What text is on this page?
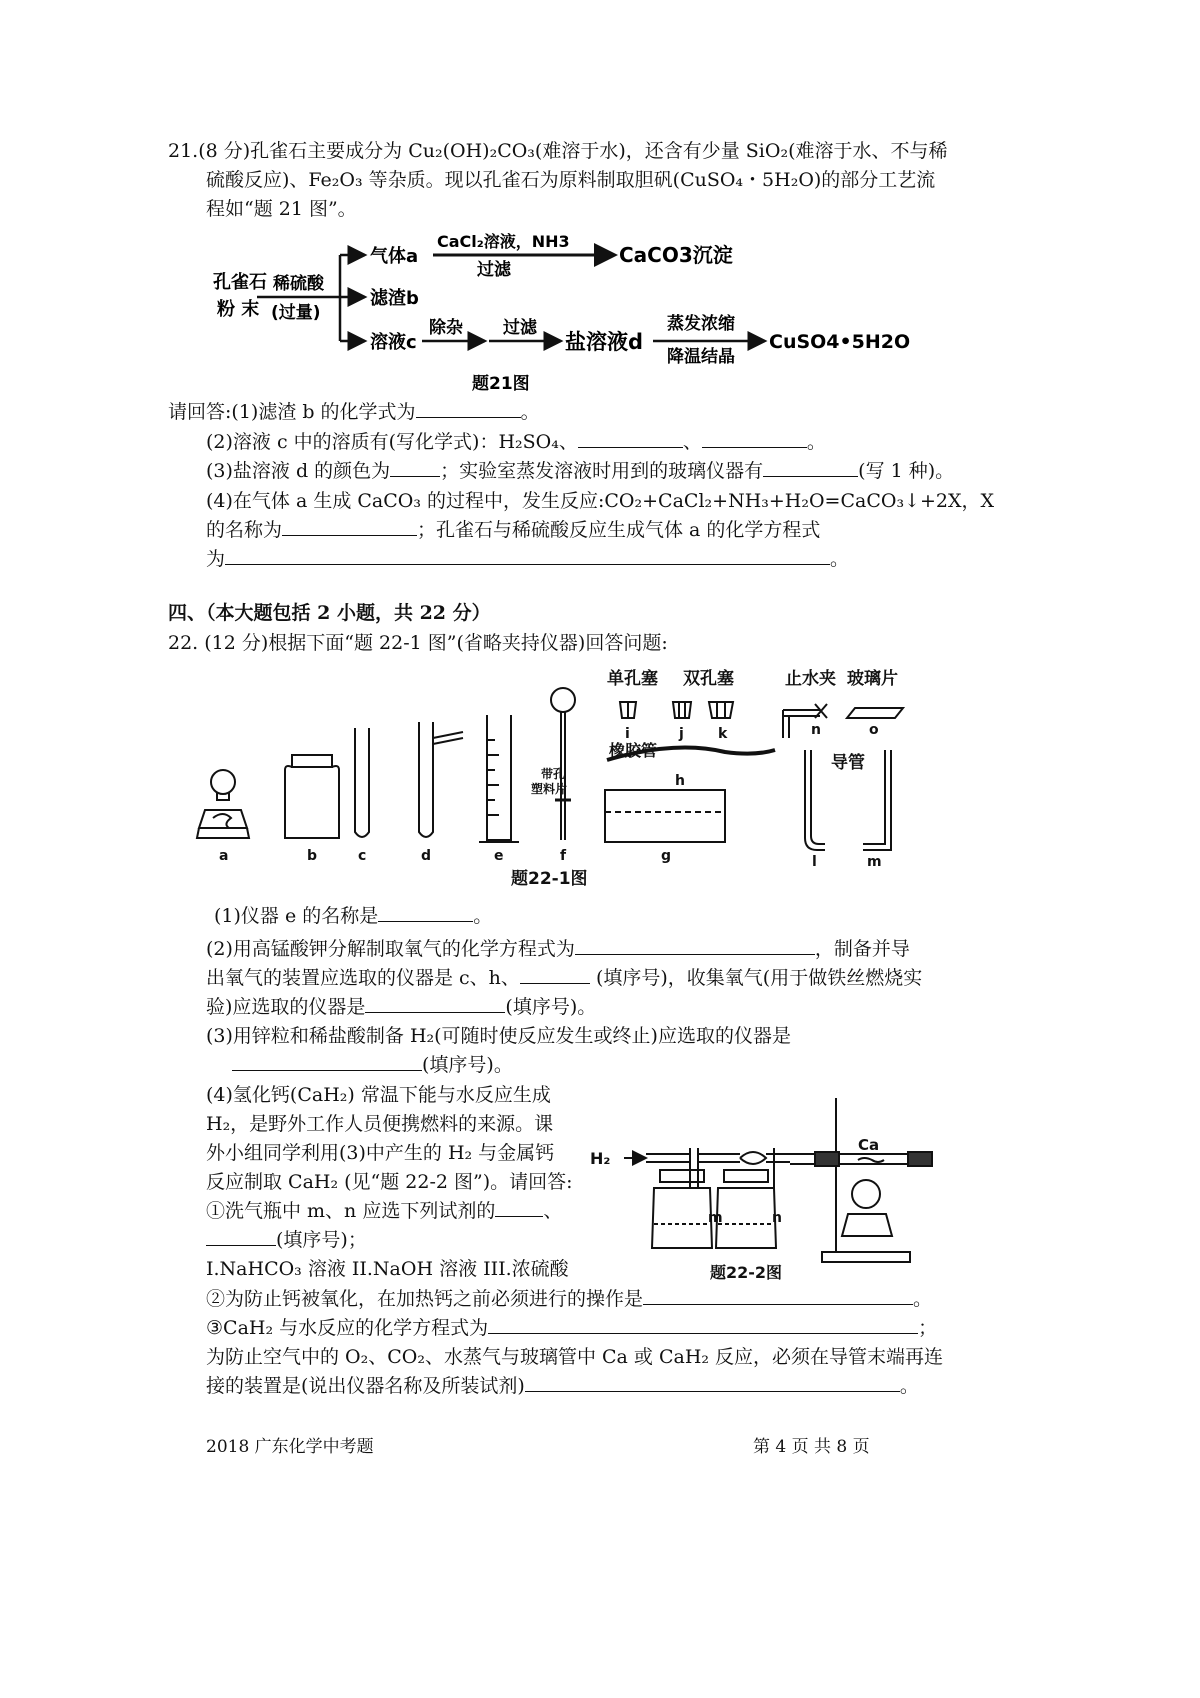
21.(8 分)孔雀石主要成分为 Cu₂(OH)₂CO₃(难溶于水)，还含有少量 SiO₂(难溶于水、不与稀
硫酸反应)、Fe₂O₃ 等杂质。现以孔雀石为原料制取胆矾(CuSO₄・5H₂O)的部分工艺流
程如“题 21 图”。
孔雀石
粉 末
稀硫酸
(过量)
气体a
滤渣b
溶液c
CaCl₂溶液，NH3
过滤
CaCO3沉淀
除杂 过滤
盐溶液d
蒸发浓缩
降温结晶
CuSO4•5H2O
题21图
请回答:(1)滤渣 b 的化学式为	。
(2)溶液 c 中的溶质有(写化学式)：H₂SO₄、	、	。
(3)盐溶液 d 的颜色为	；实验室蒸发溶液时用到的玻璃仪器有	(写 1 种)。
(4)在气体 a 生成 CaCO₃ 的过程中，发生反应:CO₂+CaCl₂+NH₃+H₂O=CaCO₃↓+2X，X
的名称为	；孔雀石与稀硫酸反应生成气体 a 的化学方程式
为	。
四、（本大题包括 2 小题，共 22 分）
22. (12 分)根据下面“题 22-1 图”(省略夹持仪器)回答问题:
a	b	c	d	e	f	g
h
i	j k
l	m
n	o
单孔塞 双孔塞	止水夹 玻璃片
橡胶管
带孔
塑料片
导管
题22-1图
(1)仪器 e 的名称是	。
(2)用高锰酸钾分解制取氧气的化学方程式为	，制备并导
出氧气的装置应选取的仪器是 c、h、	(填序号)，收集氧气(用于做铁丝燃烧实
验)应选取的仪器是	(填序号)。
(3)用锌粒和稀盐酸制备 H₂(可随时使反应发生或终止)应选取的仪器是
(填序号)。
(4)氢化钙(CaH₂) 常温下能与水反应生成
H₂，是野外工作人员便携燃料的来源。课
外小组同学利用(3)中产生的 H₂ 与金属钙
反应制取 CaH₂ (见“题 22-2 图”)。请回答:
①洗气瓶中 m、n 应选下列试剂的	、
(填序号)；
I.NaHCO₃ 溶液 II.NaOH 溶液 III.浓硫酸
H₂
Ca
m	n
题22-2图
②为防止钙被氧化，在加热钙之前必须进行的操作是	。
③CaH₂ 与水反应的化学方程式为	；
为防止空气中的 O₂、CO₂、水蒸气与玻璃管中 Ca 或 CaH₂ 反应，必须在导管末端再连
接的装置是(说出仪器名称及所装试剂)	。
2018 广东化学中考题	第 4 页 共 8 页
